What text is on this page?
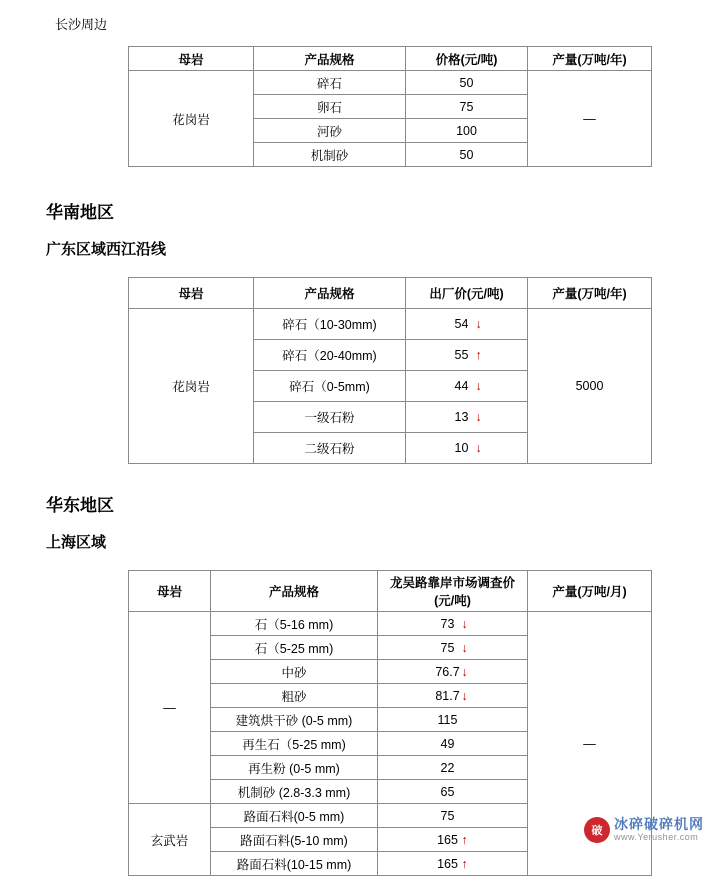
长沙周边
母岩	产品规格	价格(元/吨)	产量(万吨/年)
花岗岩	碎石	50	—
	卵石	75	
	河砂	100	
	机制砂	50	
华南地区
广东区域西江沿线
母岩	产品规格	出厂价(元/吨)	产量(万吨/年)
花岗岩	碎石（10-30mm)	54 ↓	5000
	碎石（20-40mm)	55 ↑	
	碎石（0-5mm)	44 ↓	
	一级石粉	13 ↓	
	二级石粉	10 ↓	
华东地区
上海区域
母岩	产品规格	龙吴路靠岸市场调查价(元/吨)	产量(万吨/月)
—	石（5-16 mm)	73 ↓	—
	石（5-25 mm)	75 ↓	
	中砂	76.7 ↓	
	粗砂	81.7 ↓	
	建筑烘干砂 (0-5 mm)	115	
	再生石（5-25 mm)	49	
	再生粉 (0-5 mm)	22	
	机制砂 (2.8-3.3 mm)	65	
玄武岩	路面石料(0-5 mm)	75	
	路面石料(5-10 mm)	165 ↑	
	路面石料(10-15 mm)	165 ↑	
破 冰碎破碎机网
www.Yerusher.com
